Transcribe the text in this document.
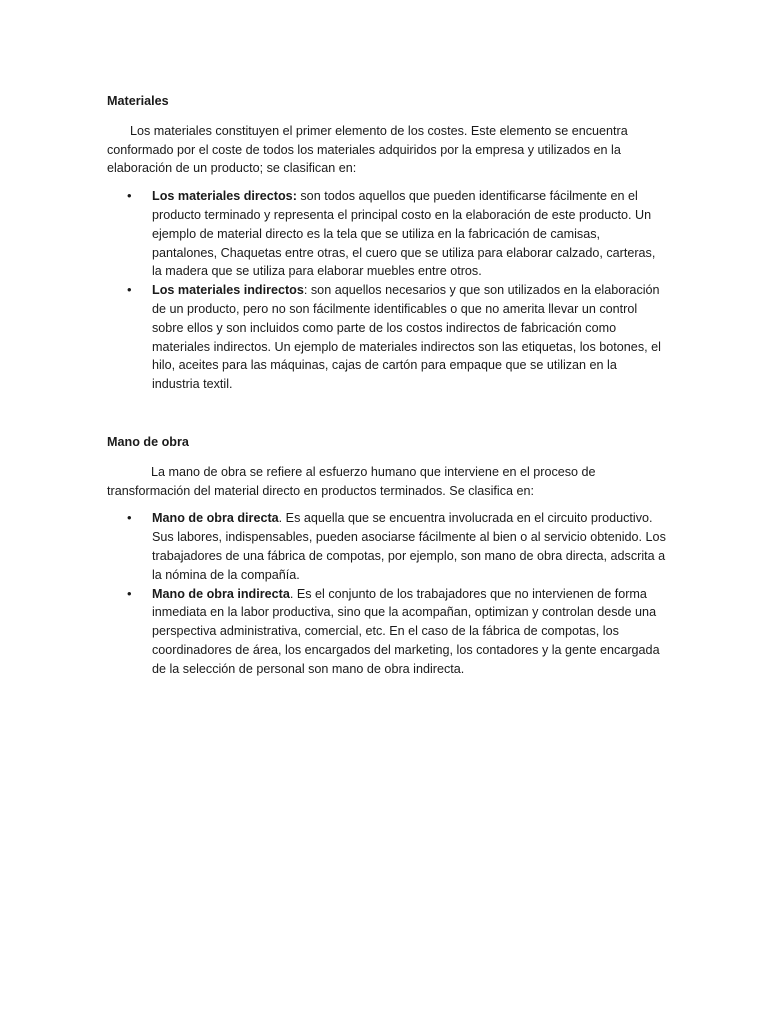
Materiales

Los materiales constituyen el primer elemento de los costes. Este elemento se encuentra conformado por el coste de todos los materiales adquiridos por la empresa y utilizados en la elaboración de un producto; se clasifican en:

• Los materiales directos: son todos aquellos que pueden identificarse fácilmente en el producto terminado y representa el principal costo en la elaboración de este producto. Un ejemplo de material directo es la tela que se utiliza en la fabricación de camisas, pantalones, Chaquetas entre otras, el cuero que se utiliza para elaborar calzado, carteras, la madera que se utiliza para elaborar muebles entre otros.
• Los materiales indirectos: son aquellos necesarios y que son utilizados en la elaboración de un producto, pero no son fácilmente identificables o que no amerita llevar un control sobre ellos y son incluidos como parte de los costos indirectos de fabricación como materiales indirectos. Un ejemplo de materiales indirectos son las etiquetas, los botones, el hilo, aceites para las máquinas, cajas de cartón para empaque que se utilizan en la industria textil.
Mano de obra

La mano de obra se refiere al esfuerzo humano que interviene en el proceso de transformación del material directo en productos terminados. Se clasifica en:

• Mano de obra directa. Es aquella que se encuentra involucrada en el circuito productivo. Sus labores, indispensables, pueden asociarse fácilmente al bien o al servicio obtenido. Los trabajadores de una fábrica de compotas, por ejemplo, son mano de obra directa, adscrita a la nómina de la compañía.
• Mano de obra indirecta. Es el conjunto de los trabajadores que no intervienen de forma inmediata en la labor productiva, sino que la acompañan, optimizan y controlan desde una perspectiva administrativa, comercial, etc. En el caso de la fábrica de compotas, los coordinadores de área, los encargados del marketing, los contadores y la gente encargada de la selección de personal son mano de obra indirecta.
